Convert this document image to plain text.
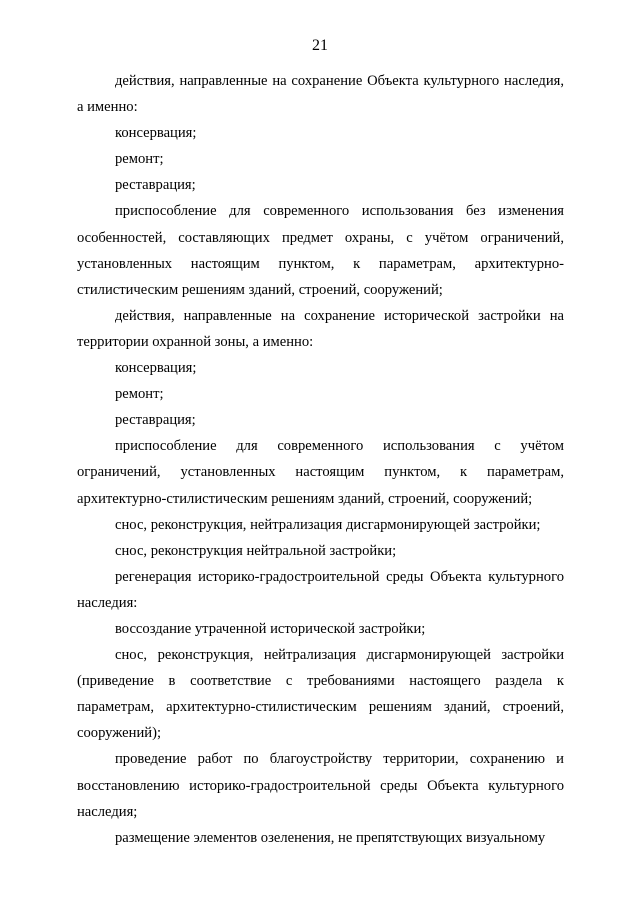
21

действия, направленные на сохранение Объекта культурного наследия, а именно:

консервация;

ремонт;

реставрация;

приспособление для современного использования без изменения особенностей, составляющих предмет охраны, с учётом ограничений, установленных настоящим пунктом, к параметрам, архитектурно-стилистическим решениям зданий, строений, сооружений;

действия, направленные на сохранение исторической застройки на территории охранной зоны, а именно:

консервация;

ремонт;

реставрация;

приспособление для современного использования с учётом ограничений, установленных настоящим пунктом, к параметрам, архитектурно-стилистическим решениям зданий, строений, сооружений;

снос, реконструкция, нейтрализация дисгармонирующей застройки;

снос, реконструкция нейтральной застройки;

регенерация историко-градостроительной среды Объекта культурного наследия:

воссоздание утраченной исторической застройки;

снос, реконструкция, нейтрализация дисгармонирующей застройки (приведение в соответствие с требованиями настоящего раздела к параметрам, архитектурно-стилистическим решениям зданий, строений, сооружений);

проведение работ по благоустройству территории, сохранению и восстановлению историко-градостроительной среды Объекта культурного наследия;

размещение элементов озеленения, не препятствующих визуальному
